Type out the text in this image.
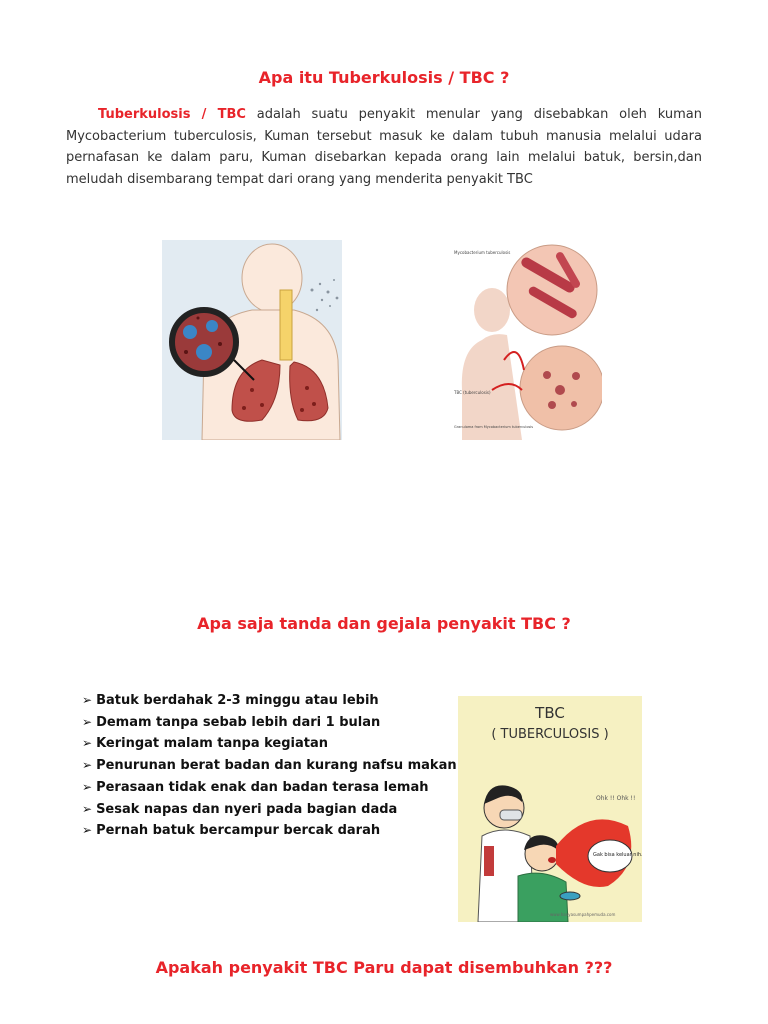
Apa itu Tuberkulosis / TBC ?

Tuberkulosis / TBC adalah suatu penyakit menular yang disebabkan oleh kuman Mycobacterium tuberculosis, Kuman tersebut masuk ke dalam tubuh manusia melalui udara pernafasan ke dalam paru, Kuman disebarkan kepada orang lain melalui batuk, bersin,dan meludah disembarang tempat dari orang yang menderita penyakit TBC

Mycobacterium tuberculosis
TBC (tuberculosis)
Granuloma from Mycobacterium tuberculosis
Apa saja tanda dan gejala penyakit TBC ?
➢ Batuk berdahak 2-3 minggu atau lebih
➢ Demam tanpa sebab lebih dari 1 bulan
➢ Keringat malam tanpa kegiatan
➢ Penurunan berat badan dan kurang nafsu makan
➢ Perasaan tidak enak dan badan terasa lemah
➢ Sesak napas dan nyeri pada bagian dada
➢ Pernah batuk bercampur bercak darah
TBC
( TUBERCULOSIS )
Ohk !! Ohk !!
Gak bisa keluar nih..
www.hanyasumpahpemuda.com
Apakah penyakit TBC Paru dapat disembuhkan ???
